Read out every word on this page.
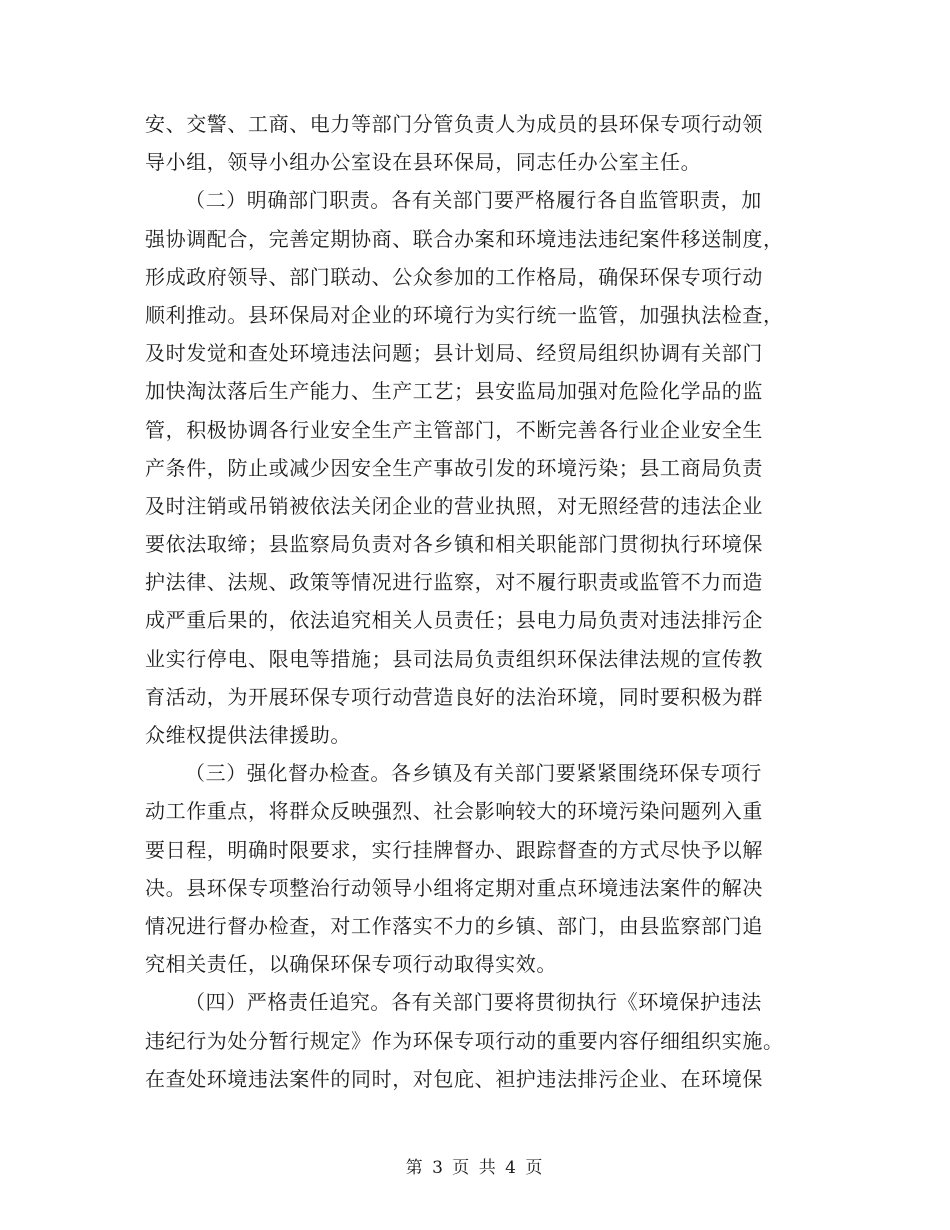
安、交警、工商、电力等部门分管负责人为成员的县环保专项行动领
导小组，领导小组办公室设在县环保局，同志任办公室主任。
（二）明确部门职责。各有关部门要严格履行各自监管职责，加
强协调配合，完善定期协商、联合办案和环境违法违纪案件移送制度，
形成政府领导、部门联动、公众参加的工作格局，确保环保专项行动
顺利推动。县环保局对企业的环境行为实行统一监管，加强执法检查，
及时发觉和查处环境违法问题；县计划局、经贸局组织协调有关部门
加快淘汰落后生产能力、生产工艺；县安监局加强对危险化学品的监
管，积极协调各行业安全生产主管部门，不断完善各行业企业安全生
产条件，防止或减少因安全生产事故引发的环境污染；县工商局负责
及时注销或吊销被依法关闭企业的营业执照，对无照经营的违法企业
要依法取缔；县监察局负责对各乡镇和相关职能部门贯彻执行环境保
护法律、法规、政策等情况进行监察，对不履行职责或监管不力而造
成严重后果的，依法追究相关人员责任；县电力局负责对违法排污企
业实行停电、限电等措施；县司法局负责组织环保法律法规的宣传教
育活动，为开展环保专项行动营造良好的法治环境，同时要积极为群
众维权提供法律援助。
（三）强化督办检查。各乡镇及有关部门要紧紧围绕环保专项行
动工作重点，将群众反映强烈、社会影响较大的环境污染问题列入重
要日程，明确时限要求，实行挂牌督办、跟踪督查的方式尽快予以解
决。县环保专项整治行动领导小组将定期对重点环境违法案件的解决
情况进行督办检查，对工作落实不力的乡镇、部门，由县监察部门追
究相关责任，以确保环保专项行动取得实效。
（四）严格责任追究。各有关部门要将贯彻执行《环境保护违法
违纪行为处分暂行规定》作为环保专项行动的重要内容仔细组织实施。
在查处环境违法案件的同时，对包庇、袒护违法排污企业、在环境保
第 3 页 共 4 页
